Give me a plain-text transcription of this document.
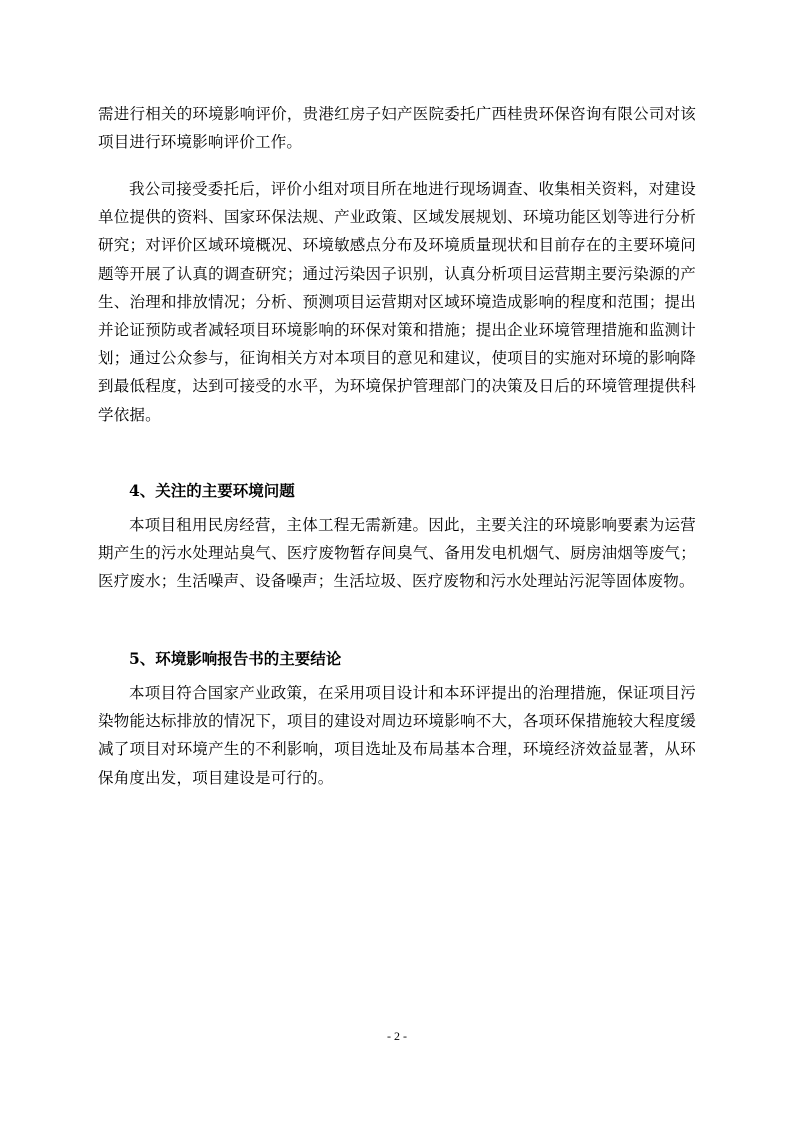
需进行相关的环境影响评价，贵港红房子妇产医院委托广西桂贵环保咨询有限公司对该项目进行环境影响评价工作。

我公司接受委托后，评价小组对项目所在地进行现场调查、收集相关资料，对建设单位提供的资料、国家环保法规、产业政策、区域发展规划、环境功能区划等进行分析研究；对评价区域环境概况、环境敏感点分布及环境质量现状和目前存在的主要环境问题等开展了认真的调查研究；通过污染因子识别，认真分析项目运营期主要污染源的产生、治理和排放情况；分析、预测项目运营期对区域环境造成影响的程度和范围；提出并论证预防或者减轻项目环境影响的环保对策和措施；提出企业环境管理措施和监测计划；通过公众参与，征询相关方对本项目的意见和建议，使项目的实施对环境的影响降到最低程度，达到可接受的水平，为环境保护管理部门的决策及日后的环境管理提供科学依据。

4、关注的主要环境问题

本项目租用民房经营，主体工程无需新建。因此，主要关注的环境影响要素为运营期产生的污水处理站臭气、医疗废物暂存间臭气、备用发电机烟气、厨房油烟等废气；医疗废水；生活噪声、设备噪声；生活垃圾、医疗废物和污水处理站污泥等固体废物。

5、环境影响报告书的主要结论

本项目符合国家产业政策，在采用项目设计和本环评提出的治理措施，保证项目污染物能达标排放的情况下，项目的建设对周边环境影响不大，各项环保措施较大程度缓减了项目对环境产生的不利影响，项目选址及布局基本合理，环境经济效益显著，从环保角度出发，项目建设是可行的。

- 2 -
